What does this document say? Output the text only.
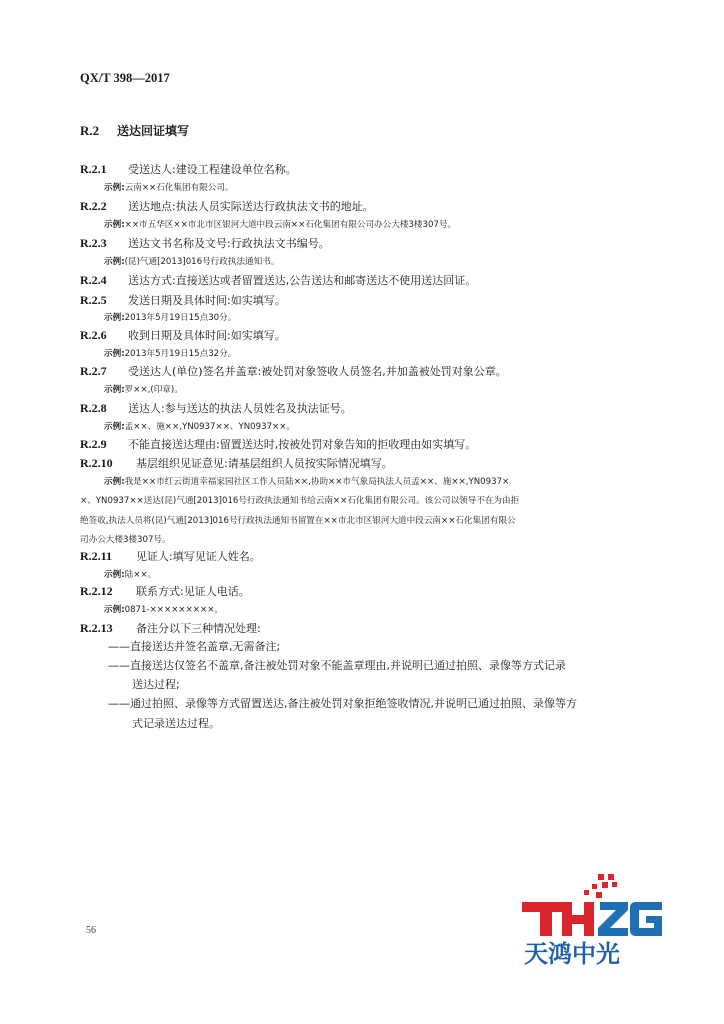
QX/T 398—2017
R.2 送达回证填写
R.2.1 受送达人:建设工程建设单位名称。
示例:云南××石化集团有限公司。
R.2.2 送达地点:执法人员实际送达行政执法文书的地址。
示例:××市五华区××市北市区银河大道中段云南××石化集团有限公司办公大楼3楼307号。
R.2.3 送达文书名称及文号:行政执法文书编号。
示例:(昆)气通[2013]016号行政执法通知书。
R.2.4 送达方式:直接送达或者留置送达,公告送达和邮寄送达不使用送达回证。
R.2.5 发送日期及具体时间:如实填写。
示例:2013年5月19日15点30分。
R.2.6 收到日期及具体时间:如实填写。
示例:2013年5月19日15点32分。
R.2.7 受送达人(单位)签名并盖章:被处罚对象签收人员签名,并加盖被处罚对象公章。
示例:罗××,(印章)。
R.2.8 送达人:参与送达的执法人员姓名及执法证号。
示例:孟××、施××,YN0937××、YN0937××。
R.2.9 不能直接送达理由:留置送达时,按被处罚对象告知的拒收理由如实填写。
R.2.10 基层组织见证意见:请基层组织人员按实际情况填写。
示例:我是××市红云街道幸福家园社区工作人员陆××,协助××市气象局执法人员孟××、施××,YN0937×
×、YN0937××送达(昆)气通[2013]016号行政执法通知书给云南××石化集团有限公司。该公司以领导不在为由拒
绝签收,执法人员将(昆)气通[2013]016号行政执法通知书留置在××市北市区银河大道中段云南××石化集团有限公
司办公大楼3楼307号。
R.2.11 见证人:填写见证人姓名。
示例:陆××。
R.2.12 联系方式:见证人电话。
示例:0871-×××××××××。
R.2.13 备注分以下三种情况处理:
——直接送达并签名盖章,无需备注;
——直接送达仅签名不盖章,备注被处罚对象不能盖章理由,并说明已通过拍照、录像等方式记录
送达过程;
——通过拍照、录像等方式留置送达,备注被处罚对象拒绝签收情况,并说明已通过拍照、录像等方
式记录送达过程。
56
天鸿中光
